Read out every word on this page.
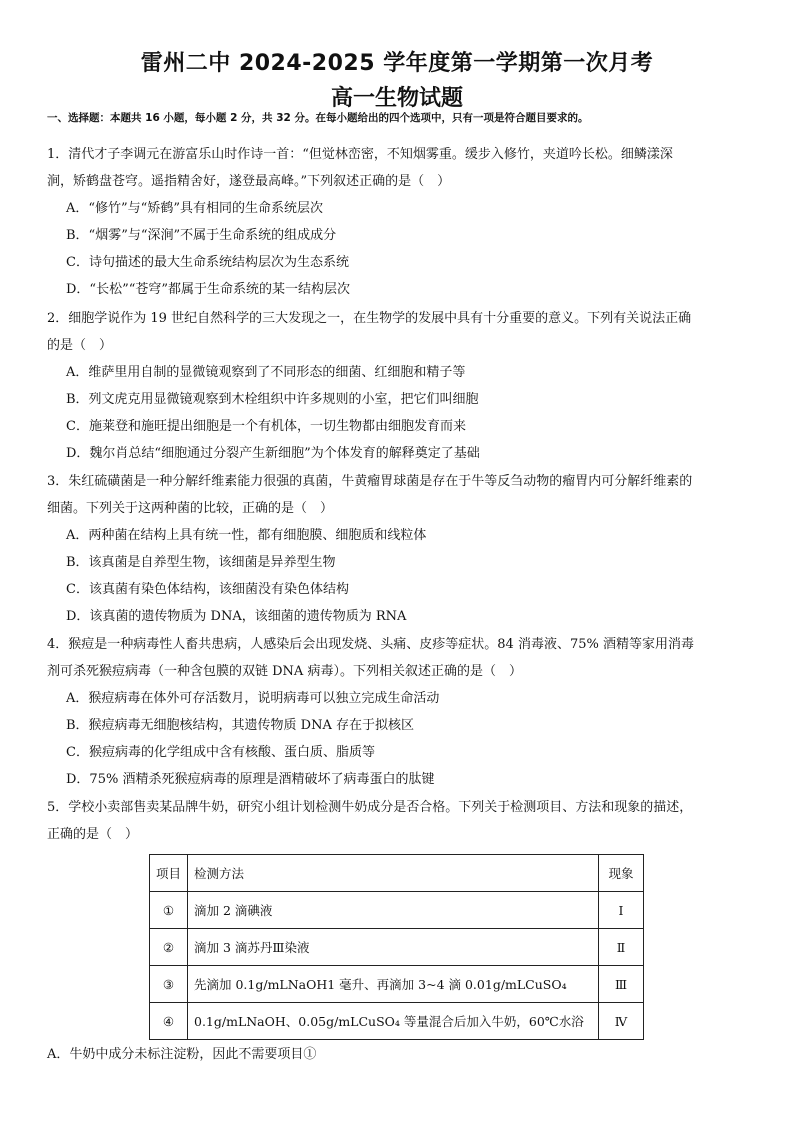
雷州二中 2024-2025 学年度第一学期第一次月考
高一生物试题
一、选择题：本题共 16 小题，每小题 2 分，共 32 分。在每小题给出的四个选项中，只有一项是符合题目要求的。
1．清代才子李调元在游富乐山时作诗一首：“但觉林峦密，不知烟雾重。缓步入修竹，夹道吟长松。细鳞漾深
涧，矫鹤盘苍穹。遥指精舍好，遂登最高峰。”下列叙述正确的是（　）
A．“修竹”与“矫鹤”具有相同的生命系统层次
B．“烟雾”与“深涧”不属于生命系统的组成成分
C．诗句描述的最大生命系统结构层次为生态系统
D．“长松”“苍穹”都属于生命系统的某一结构层次
2．细胞学说作为 19 世纪自然科学的三大发现之一，在生物学的发展中具有十分重要的意义。下列有关说法正确
的是（　）
A．维萨里用自制的显微镜观察到了不同形态的细菌、红细胞和精子等
B．列文虎克用显微镜观察到木栓组织中许多规则的小室，把它们叫细胞
C．施莱登和施旺提出细胞是一个有机体，一切生物都由细胞发育而来
D．魏尔肖总结“细胞通过分裂产生新细胞”为个体发育的解释奠定了基础
3．朱红硫磺菌是一种分解纤维素能力很强的真菌，牛黄瘤胃球菌是存在于牛等反刍动物的瘤胃内可分解纤维素的
细菌。下列关于这两种菌的比较，正确的是（　）
A．两种菌在结构上具有统一性，都有细胞膜、细胞质和线粒体
B．该真菌是自养型生物，该细菌是异养型生物
C．该真菌有染色体结构，该细菌没有染色体结构
D．该真菌的遗传物质为 DNA，该细菌的遗传物质为 RNA
4．猴痘是一种病毒性人畜共患病，人感染后会出现发烧、头痛、皮疹等症状。84 消毒液、75% 酒精等家用消毒
剂可杀死猴痘病毒（一种含包膜的双链 DNA 病毒）。下列相关叙述正确的是（　）
A．猴痘病毒在体外可存活数月，说明病毒可以独立完成生命活动
B．猴痘病毒无细胞核结构，其遗传物质 DNA 存在于拟核区
C．猴痘病毒的化学组成中含有核酸、蛋白质、脂质等
D．75% 酒精杀死猴痘病毒的原理是酒精破坏了病毒蛋白的肽键
5．学校小卖部售卖某品牌牛奶，研究小组计划检测牛奶成分是否合格。下列关于检测项目、方法和现象的描述，
正确的是（　）
项目	检测方法	现象
①	滴加 2 滴碘液	Ⅰ
②	滴加 3 滴苏丹Ⅲ染液	Ⅱ
③	先滴加 0.1g/mLNaOH1 毫升、再滴加 3~4 滴 0.01g/mLCuSO₄	Ⅲ
④	0.1g/mLNaOH、0.05g/mLCuSO₄ 等量混合后加入牛奶，60℃水浴	Ⅳ
A．牛奶中成分未标注淀粉，因此不需要项目①
